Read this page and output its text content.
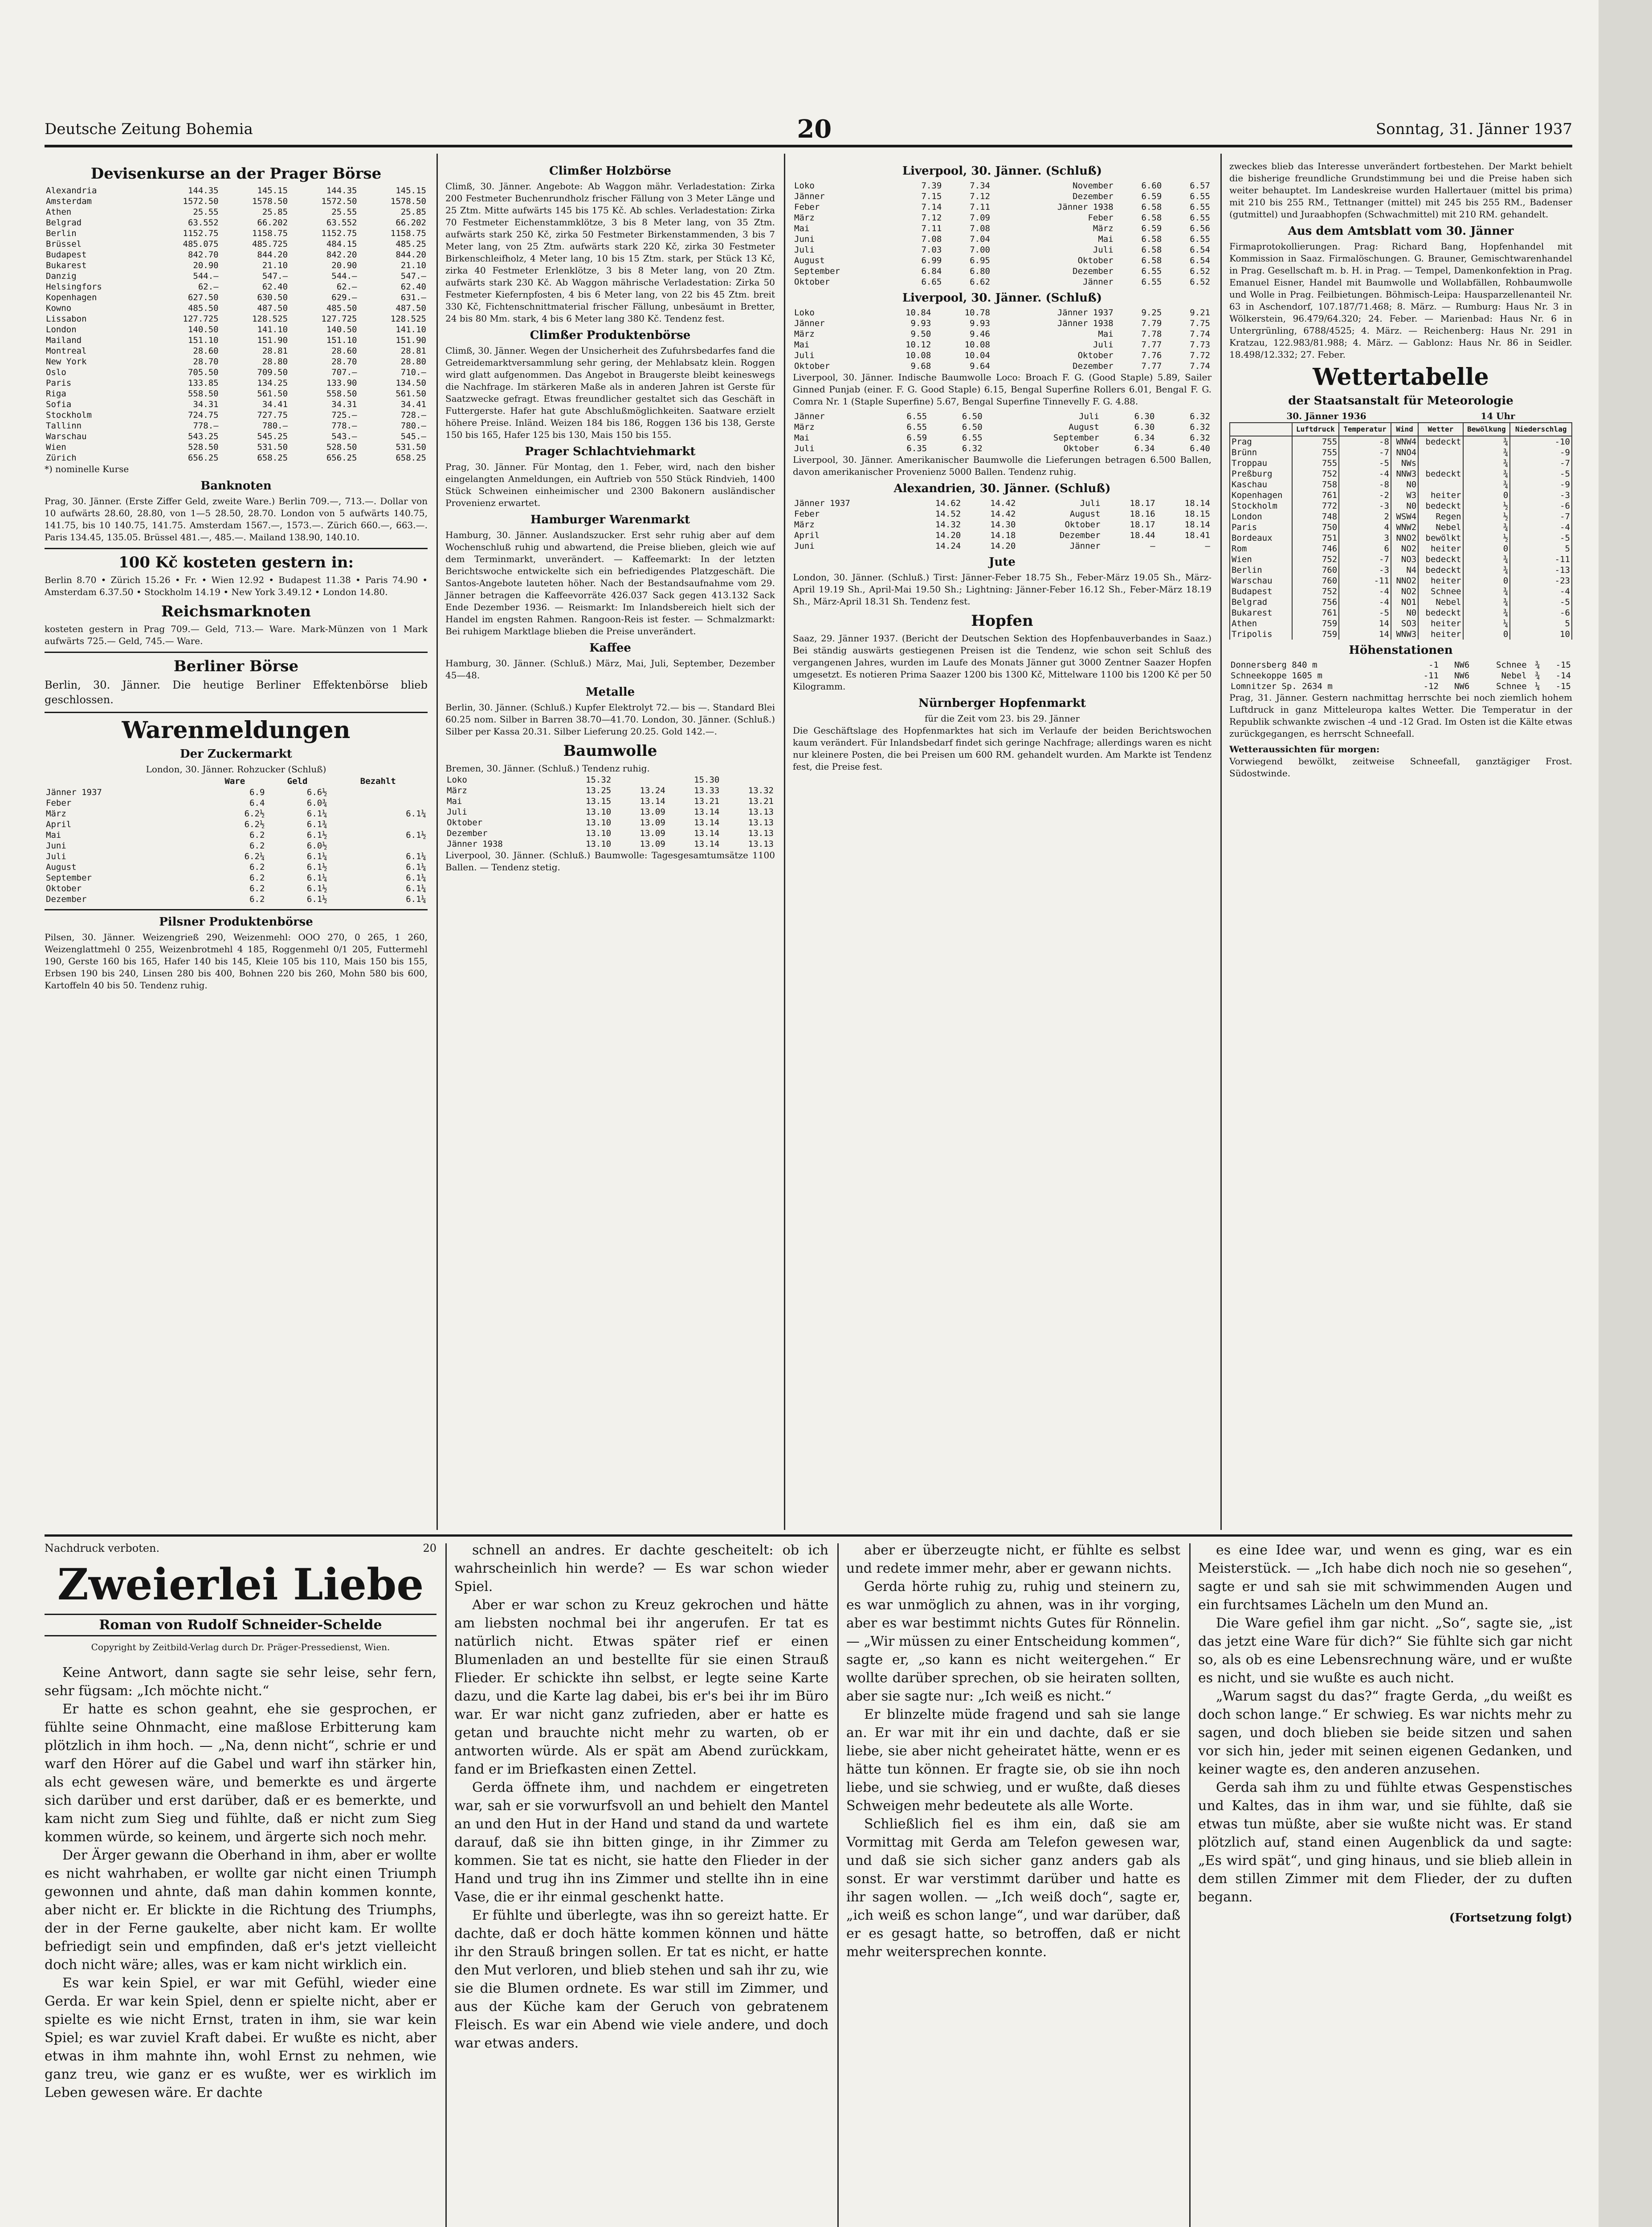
Deutsche Zeitung Bohemia	20	Sonntag, 31. Jänner 1937
Devisenkurse an der Prager Börse
Alexandria	144.35	145.15	144.35	145.15
Amsterdam	1572.50	1578.50	1572.50	1578.50
Athen	25.55	25.85	25.55	25.85
Belgrad	63.552	66.202	63.552	66.202
Berlin	1152.75	1158.75	1152.75	1158.75
Brüssel	485.075	485.725	484.15	485.25
Budapest	842.70	844.20	842.20	844.20
Bukarest	20.90	21.10	20.90	21.10
Danzig	544.—	547.—	544.—	547.—
Helsingfors	62.—	62.40	62.—	62.40
Kopenhagen	627.50	630.50	629.—	631.—
Kowno	485.50	487.50	485.50	487.50
Lissabon	127.725	128.525	127.725	128.525
London	140.50	141.10	140.50	141.10
Mailand	151.10	151.90	151.10	151.90
Montreal	28.60	28.81	28.60	28.81
New York	28.70	28.80	28.70	28.80
Oslo	705.50	709.50	707.—	710.—
Paris	133.85	134.25	133.90	134.50
Riga	558.50	561.50	558.50	561.50
Sofia	34.31	34.41	34.31	34.41
Stockholm	724.75	727.75	725.—	728.—
Tallinn	778.—	780.—	778.—	780.—
Warschau	543.25	545.25	543.—	545.—
Wien	528.50	531.50	528.50	531.50
Zürich	656.25	658.25	656.25	658.25
*) nominelle Kurse
Banknoten

Prag, 30. Jänner. (Erste Ziffer Geld, zweite Ware.) Berlin 709.—, 713.—. Dollar von 10 aufwärts 28.60, 28.80, von 1—5 28.50, 28.70. London von 5 aufwärts 140.75, 141.75, bis 10 140.75, 141.75. Amsterdam 1567.—, 1573.—. Zürich 660.—, 663.—. Paris 134.45, 135.05. Brüssel 481.—, 485.—. Mailand 138.90, 140.10.

100 Kč kosteten gestern in:

Berlin 8.70 • Zürich 15.26 • Fr. • Wien 12.92 • Budapest 11.38 • Paris 74.90 • Amsterdam 6.37.50 • Stockholm 14.19 • New York 3.49.12 • London 14.80.

Reichsmarknoten

kosteten gestern in Prag 709.— Geld, 713.— Ware. Mark-Münzen von 1 Mark aufwärts 725.— Geld, 745.— Ware.

Berliner Börse

Berlin, 30. Jänner. Die heutige Berliner Effektenbörse blieb geschlossen.

Warenmeldungen
Der Zuckermarkt
London, 30. Jänner. Rohzucker (Schluß)
	Ware	Geld	Bezahlt
Jänner 1937	6.9	6.6½	
Feber	6.4	6.0¾	
März	6.2½	6.1¼	6.1¼
April	6.2½	6.1¾	
Mai	6.2	6.1½	6.1½
Juni	6.2	6.0½	
Juli	6.2¼	6.1¼	6.1¼
August	6.2	6.1½	6.1¼
September	6.2	6.1¼	6.1¼
Oktober	6.2	6.1½	6.1¼
Dezember	6.2	6.1½	6.1¼
Pilsner Produktenbörse

Pilsen, 30. Jänner. Weizengrieß 290, Weizenmehl: OOO 270, 0 265, 1 260, Weizenglattmehl 0 255, Weizenbrotmehl 4 185, Roggenmehl 0/1 205, Futtermehl 190, Gerste 160 bis 165, Hafer 140 bis 145, Kleie 105 bis 110, Mais 150 bis 155, Erbsen 190 bis 240, Linsen 280 bis 400, Bohnen 220 bis 260, Mohn 580 bis 600, Kartoffeln 40 bis 50. Tendenz ruhig.

Climßer Holzbörse

Climß, 30. Jänner. Angebote: Ab Waggon mähr. Verladestation: Zirka 200 Festmeter Buchenrundholz frischer Fällung von 3 Meter Länge und 25 Ztm. Mitte aufwärts 145 bis 175 Kč. Ab schles. Verladestation: Zirka 70 Festmeter Eichenstammklötze, 3 bis 8 Meter lang, von 35 Ztm. aufwärts stark 250 Kč, zirka 50 Festmeter Birkenstammenden, 3 bis 7 Meter lang, von 25 Ztm. aufwärts stark 220 Kč, zirka 30 Festmeter Birkenschleifholz, 4 Meter lang, 10 bis 15 Ztm. stark, per Stück 13 Kč, zirka 40 Festmeter Erlenklötze, 3 bis 8 Meter lang, von 20 Ztm. aufwärts stark 230 Kč. Ab Waggon mährische Verladestation: Zirka 50 Festmeter Kiefernpfosten, 4 bis 6 Meter lang, von 22 bis 45 Ztm. breit 330 Kč, Fichtenschnittmaterial frischer Fällung, unbesäumt in Bretter, 24 bis 80 Mm. stark, 4 bis 6 Meter lang 380 Kč. Tendenz fest.

Climßer Produktenbörse

Climß, 30. Jänner. Wegen der Unsicherheit des Zufuhrsbedarfes fand die Getreidemarktversammlung sehr gering, der Mehlabsatz klein. Roggen wird glatt aufgenommen. Das Angebot in Braugerste bleibt keineswegs die Nachfrage. Im stärkeren Maße als in anderen Jahren ist Gerste für Saatzwecke gefragt. Etwas freundlicher gestaltet sich das Geschäft in Futtergerste. Hafer hat gute Abschlußmöglichkeiten. Saatware erzielt höhere Preise. Inländ. Weizen 184 bis 186, Roggen 136 bis 138, Gerste 150 bis 165, Hafer 125 bis 130, Mais 150 bis 155.

Prager Schlachtviehmarkt

Prag, 30. Jänner. Für Montag, den 1. Feber, wird, nach den bisher eingelangten Anmeldungen, ein Auftrieb von 550 Stück Rindvieh, 1400 Stück Schweinen einheimischer und 2300 Bakonern ausländischer Provenienz erwartet.

Hamburger Warenmarkt

Hamburg, 30. Jänner. Auslandszucker. Erst sehr ruhig aber auf dem Wochenschluß ruhig und abwartend, die Preise blieben, gleich wie auf dem Terminmarkt, unverändert. — Kaffeemarkt: In der letzten Berichtswoche entwickelte sich ein befriedigendes Platzgeschäft. Die Santos-Angebote lauteten höher. Nach der Bestandsaufnahme vom 29. Jänner betragen die Kaffeevorräte 426.037 Sack gegen 413.132 Sack Ende Dezember 1936. — Reismarkt: Im Inlandsbereich hielt sich der Handel im engsten Rahmen. Rangoon-Reis ist fester. — Schmalzmarkt: Bei ruhigem Marktlage blieben die Preise unverändert.

Kaffee

Hamburg, 30. Jänner. (Schluß.) März, Mai, Juli, September, Dezember 45—48.

Metalle

Berlin, 30. Jänner. (Schluß.) Kupfer Elektrolyt 72.— bis —. Standard Blei 60.25 nom. Silber in Barren 38.70—41.70. London, 30. Jänner. (Schluß.) Silber per Kassa 20.31. Silber Lieferung 20.25. Gold 142.—.

Baumwolle
Bremen, 30. Jänner. (Schluß.) Tendenz ruhig.
Loko	15.32		15.30	
März	13.25	13.24	13.33	13.32
Mai	13.15	13.14	13.21	13.21
Juli	13.10	13.09	13.14	13.13
Oktober	13.10	13.09	13.14	13.13
Dezember	13.10	13.09	13.14	13.13
Jänner 1938	13.10	13.09	13.14	13.13

Liverpool, 30. Jänner. (Schluß.) Baumwolle: Tagesgesamtumsätze 1100 Ballen. — Tendenz stetig.

Liverpool, 30. Jänner. (Schluß)
Loko	7.39	7.34	November	6.60	6.57
Jänner	7.15	7.12	Dezember	6.59	6.55
Feber	7.14	7.11	Jänner 1938	6.58	6.55
März	7.12	7.09	Feber	6.58	6.55
Mai	7.11	7.08	März	6.59	6.56
Juni	7.08	7.04	Mai	6.58	6.55
Juli	7.03	7.00	Juli	6.58	6.54
August	6.99	6.95	Oktober	6.58	6.54
September	6.84	6.80	Dezember	6.55	6.52
Oktober	6.65	6.62	Jänner	6.55	6.52
Liverpool, 30. Jänner. (Schluß)
Loko	10.84	10.78	Jänner 1937	9.25	9.21
Jänner	9.93	9.93	Jänner 1938	7.79	7.75
März	9.50	9.46	Mai	7.78	7.74
Mai	10.12	10.08	Juli	7.77	7.73
Juli	10.08	10.04	Oktober	7.76	7.72
Oktober	9.68	9.64	Dezember	7.77	7.74

Liverpool, 30. Jänner. Indische Baumwolle Loco: Broach F. G. (Good Staple) 5.89, Sailer Ginned Punjab (einer. F. G. Good Staple) 6.15, Bengal Superfine Rollers 6.01, Bengal F. G. Comra Nr. 1 (Staple Superfine) 5.67, Bengal Superfine Tinnevelly F. G. 4.88.

Jänner	6.55	6.50	Juli	6.30	6.32
März	6.55	6.50	August	6.30	6.32
Mai	6.59	6.55	September	6.34	6.32
Juli	6.35	6.32	Oktober	6.34	6.40

Liverpool, 30. Jänner. Amerikanischer Baumwolle die Lieferungen betragen 6.500 Ballen, davon amerikanischer Provenienz 5000 Ballen. Tendenz ruhig.

Alexandrien, 30. Jänner. (Schluß)
Jänner 1937	14.62	14.42	Juli	18.17	18.14
Feber	14.52	14.42	August	18.16	18.15
März	14.32	14.30	Oktober	18.17	18.14
April	14.20	14.18	Dezember	18.44	18.41
Juni	14.24	14.20	Jänner	—	—
Jute

London, 30. Jänner. (Schluß.) Tirst: Jänner-Feber 18.75 Sh., Feber-März 19.05 Sh., März-April 19.19 Sh., April-Mai 19.50 Sh.; Lightning: Jänner-Feber 16.12 Sh., Feber-März 18.19 Sh., März-April 18.31 Sh. Tendenz fest.

Hopfen

Saaz, 29. Jänner 1937. (Bericht der Deutschen Sektion des Hopfenbauverbandes in Saaz.) Bei ständig auswärts gestiegenen Preisen ist die Tendenz, wie schon seit Schluß des vergangenen Jahres, wurden im Laufe des Monats Jänner gut 3000 Zentner Saazer Hopfen umgesetzt. Es notieren Prima Saazer 1200 bis 1300 Kč, Mittelware 1100 bis 1200 Kč per 50 Kilogramm.

Nürnberger Hopfenmarkt
für die Zeit vom 23. bis 29. Jänner

Die Geschäftslage des Hopfenmarktes hat sich im Verlaufe der beiden Berichtswochen kaum verändert. Für Inlandsbedarf findet sich geringe Nachfrage; allerdings waren es nicht nur kleinere Posten, die bei Preisen um 600 RM. gehandelt wurden. Am Markte ist Tendenz fest, die Preise fest.

zweckes blieb das Interesse unverändert fortbestehen. Der Markt behielt die bisherige freundliche Grundstimmung bei und die Preise haben sich weiter behauptet. Im Landeskreise wurden Hallertauer (mittel bis prima) mit 210 bis 255 RM., Tettnanger (mittel) mit 245 bis 255 RM., Badenser (gutmittel) und Juraabhopfen (Schwachmittel) mit 210 RM. gehandelt.

Aus dem Amtsblatt vom 30. Jänner

Firmaprotokollierungen. Prag: Richard Bang, Hopfenhandel mit Kommission in Saaz. Firmalöschungen. G. Brauner, Gemischtwarenhandel in Prag. Gesellschaft m. b. H. in Prag. — Tempel, Damenkonfektion in Prag. Emanuel Eisner, Handel mit Baumwolle und Wollabfällen, Rohbaumwolle und Wolle in Prag. Feilbietungen. Böhmisch-Leipa: Hausparzellenanteil Nr. 63 in Aschendorf, 107.187/71.468; 8. März. — Rumburg: Haus Nr. 3 in Wölkerstein, 96.479/64.320; 24. Feber. — Marienbad: Haus Nr. 6 in Untergrünling, 6788/4525; 4. März. — Reichenberg: Haus Nr. 291 in Kratzau, 122.983/81.988; 4. März. — Gablonz: Haus Nr. 86 in Seidler. 18.498/12.332; 27. Feber.

Wettertabelle
der Staatsanstalt für Meteorologie
30. Jänner 1936	14 Uhr
	Luftdruck	Temperatur	Wind	Wetter	Bewölkung	Niederschlag
Prag	755	-8	WNW4	bedeckt	¾	-10
Brünn	755	-7	NNO4		¾	-9
Troppau	755	-5	NWs		¾	-7
Preßburg	752	-4	NNW3	bedeckt	¾	-5
Kaschau	758	-8	N0		¾	-9
Kopenhagen	761	-2	W3	heiter	0	-3
Stockholm	772	-3	N0	bedeckt	½	-6
London	748	2	WSW4	Regen	½	-7
Paris	750	4	WNW2	Nebel	¾	-4
Bordeaux	751	3	NNO2	bewölkt	½	-5
Rom	746	6	NO2	heiter	0	5
Wien	752	-7	NO3	bedeckt	¾	-11
Berlin	760	-3	N4	bedeckt	¾	-13
Warschau	760	-11	NNO2	heiter	0	-23
Budapest	752	-4	NO2	Schnee	¾	-4
Belgrad	756	-4	NO1	Nebel	¾	-5
Bukarest	761	-5	N0	bedeckt	¾	-6
Athen	759	14	SO3	heiter	¼	5
Tripolis	759	14	WNW3	heiter	0	10
Höhenstationen
Donnersberg 840 m	-1	NW6	Schnee	¾	-15
Schneekoppe 1605 m	-11	NW6	Nebel	¾	-14
Lomnitzer Sp. 2634 m	-12	NW6	Schnee	¼	-15

Prag, 31. Jänner. Gestern nachmittag herrschte bei noch ziemlich hohem Luftdruck in ganz Mitteleuropa kaltes Wetter. Die Temperatur in der Republik schwankte zwischen -4 und -12 Grad. Im Osten ist die Kälte etwas zurückgegangen, es herrscht Schneefall.

Wetteraussichten für morgen:

Vorwiegend bewölkt, zeitweise Schneefall, ganztägiger Frost. Südostwinde.

Nachdruck verboten.	20
Zweierlei Liebe
Roman von Rudolf Schneider-Schelde
Copyright by Zeitbild-Verlag durch Dr. Präger-Pressedienst, Wien.

Keine Antwort, dann sagte sie sehr leise, sehr fern, sehr fügsam: „Ich möchte nicht.“

Er hatte es schon geahnt, ehe sie gesprochen, er fühlte seine Ohnmacht, eine maßlose Erbitterung kam plötzlich in ihm hoch. — „Na, denn nicht“, schrie er und warf den Hörer auf die Gabel und warf ihn stärker hin, als echt gewesen wäre, und bemerkte es und ärgerte sich darüber und erst darüber, daß er es bemerkte, und kam nicht zum Sieg und fühlte, daß er nicht zum Sieg kommen würde, so keinem, und ärgerte sich noch mehr.

Der Ärger gewann die Oberhand in ihm, aber er wollte es nicht wahrhaben, er wollte gar nicht einen Triumph gewonnen und ahnte, daß man dahin kommen konnte, aber nicht er. Er blickte in die Richtung des Triumphs, der in der Ferne gaukelte, aber nicht kam. Er wollte befriedigt sein und empfinden, daß er's jetzt vielleicht doch nicht wäre; alles, was er kam nicht wirklich ein.

Es war kein Spiel, er war mit Gefühl, wieder eine Gerda. Er war kein Spiel, denn er spielte nicht, aber er spielte es wie nicht Ernst, traten in ihm, sie war kein Spiel; es war zuviel Kraft dabei. Er wußte es nicht, aber etwas in ihm mahnte ihn, wohl Ernst zu nehmen, wie ganz treu, wie ganz er es wußte, wer es wirklich im Leben gewesen wäre. Er dachte

schnell an andres. Er dachte gescheitelt: ob ich wahrscheinlich hin werde? — Es war schon wieder Spiel.

Aber er war schon zu Kreuz gekrochen und hätte am liebsten nochmal bei ihr angerufen. Er tat es natürlich nicht. Etwas später rief er einen Blumenladen an und bestellte für sie einen Strauß Flieder. Er schickte ihn selbst, er legte seine Karte dazu, und die Karte lag dabei, bis er's bei ihr im Büro war. Er war nicht ganz zufrieden, aber er hatte es getan und brauchte nicht mehr zu warten, ob er antworten würde. Als er spät am Abend zurückkam, fand er im Briefkasten einen Zettel.

Gerda öffnete ihm, und nachdem er eingetreten war, sah er sie vorwurfsvoll an und behielt den Mantel an und den Hut in der Hand und stand da und wartete darauf, daß sie ihn bitten ginge, in ihr Zimmer zu kommen. Sie tat es nicht, sie hatte den Flieder in der Hand und trug ihn ins Zimmer und stellte ihn in eine Vase, die er ihr einmal geschenkt hatte.

Er fühlte und überlegte, was ihn so gereizt hatte. Er dachte, daß er doch hätte kommen können und hätte ihr den Strauß bringen sollen. Er tat es nicht, er hatte den Mut verloren, und blieb stehen und sah ihr zu, wie sie die Blumen ordnete. Es war still im Zimmer, und aus der Küche kam der Geruch von gebratenem Fleisch. Es war ein Abend wie viele andere, und doch war etwas anders.

aber er überzeugte nicht, er fühlte es selbst und redete immer mehr, aber er gewann nichts.

Gerda hörte ruhig zu, ruhig und steinern zu, es war unmöglich zu ahnen, was in ihr vorging, aber es war bestimmt nichts Gutes für Rönnelin. — „Wir müssen zu einer Entscheidung kommen“, sagte er, „so kann es nicht weitergehen.“ Er wollte darüber sprechen, ob sie heiraten sollten, aber sie sagte nur: „Ich weiß es nicht.“

Er blinzelte müde fragend und sah sie lange an. Er war mit ihr ein und dachte, daß er sie liebe, sie aber nicht geheiratet hätte, wenn er es hätte tun können. Er fragte sie, ob sie ihn noch liebe, und sie schwieg, und er wußte, daß dieses Schweigen mehr bedeutete als alle Worte.

Schließlich fiel es ihm ein, daß sie am Vormittag mit Gerda am Telefon gewesen war, und daß sie sich sicher ganz anders gab als sonst. Er war verstimmt darüber und hatte es ihr sagen wollen. — „Ich weiß doch“, sagte er, „ich weiß es schon lange“, und war darüber, daß er es gesagt hatte, so betroffen, daß er nicht mehr weitersprechen konnte.

es eine Idee war, und wenn es ging, war es ein Meisterstück. — „Ich habe dich noch nie so gesehen“, sagte er und sah sie mit schwimmenden Augen und ein furchtsames Lächeln um den Mund an.

Die Ware gefiel ihm gar nicht. „So“, sagte sie, „ist das jetzt eine Ware für dich?“ Sie fühlte sich gar nicht so, als ob es eine Lebensrechnung wäre, und er wußte es nicht, und sie wußte es auch nicht.

„Warum sagst du das?“ fragte Gerda, „du weißt es doch schon lange.“ Er schwieg. Es war nichts mehr zu sagen, und doch blieben sie beide sitzen und sahen vor sich hin, jeder mit seinen eigenen Gedanken, und keiner wagte es, den anderen anzusehen.

Gerda sah ihm zu und fühlte etwas Gespenstisches und Kaltes, das in ihm war, und sie fühlte, daß sie etwas tun müßte, aber sie wußte nicht was. Er stand plötzlich auf, stand einen Augenblick da und sagte: „Es wird spät“, und ging hinaus, und sie blieb allein in dem stillen Zimmer mit dem Flieder, der zu duften begann.

(Fortsetzung folgt)
